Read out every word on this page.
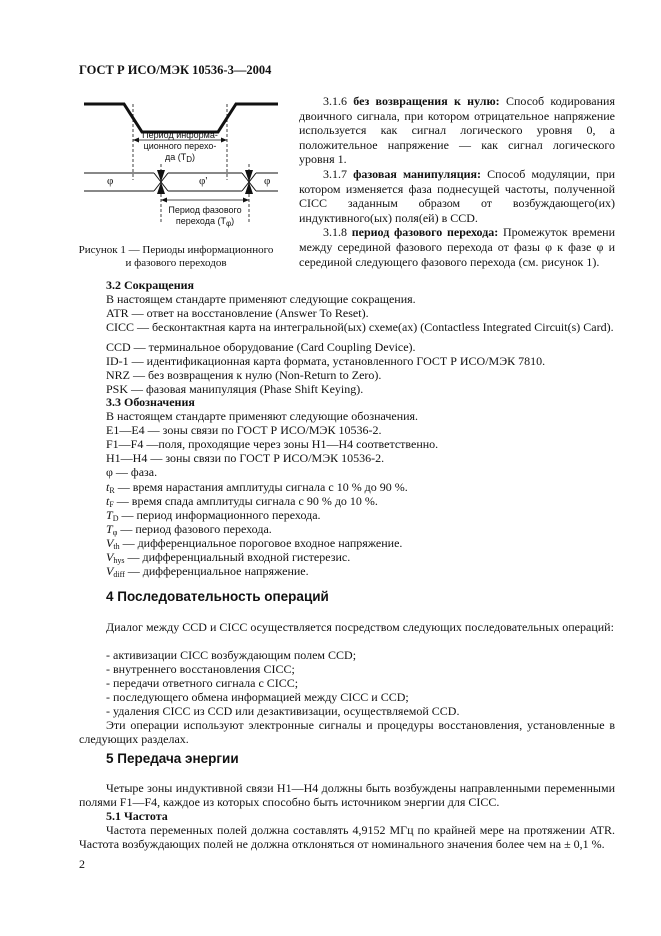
ГОСТ Р ИСО/МЭК 10536-3—2004
Период информа-
ционного перехо-
да $(T_D)$
φ	φ'	φ
Период фазового
перехода $(T_\varphi)$
Рисунок 1 — Периоды информационного
и фазового переходов
3.1.6 без возвращения к нулю: Способ кодирования двоичного сигнала, при котором отрицательное напряжение используется как сигнал логического уровня 0, а положительное напряжение — как сигнал логического уровня 1.
3.1.7 фазовая манипуляция: Способ модуляции, при котором изменяется фаза поднесущей частоты, полученной CICC заданным образом от возбуждающего(их) индуктивного(ых) поля(ей) в CCD.
3.1.8 период фазового перехода: Промежуток времени между серединой фазового перехода от фазы φ к фазе φ и серединой следующего фазового перехода (см. рисунок 1).
3.2 Сокращения
В настоящем стандарте применяют следующие сокращения.
ATR — ответ на восстановление (Answer To Reset).
CICC — бесконтактная карта на интегральной(ых) схеме(ах) (Contactless Integrated Circuit(s) Card).
CCD — терминальное оборудование (Card Coupling Device).
ID-1 — идентификационная карта формата, установленного ГОСТ Р ИСО/МЭК 7810.
NRZ — без возвращения к нулю (Non-Return to Zero).
PSK — фазовая манипуляция (Phase Shift Keying).
3.3 Обозначения
В настоящем стандарте применяют следующие обозначения.
E1—E4 — зоны связи по ГОСТ Р ИСО/МЭК 10536-2.
F1—F4 —поля, проходящие через зоны H1—H4 соответственно.
H1—H4 — зоны связи по ГОСТ Р ИСО/МЭК 10536-2.
φ — фаза.
$t_R$ — время нарастания амплитуды сигнала с 10 % до 90 %.
$t_F$ — время спада амплитуды сигнала с 90 % до 10 %.
$T_D$ — период информационного перехода.
$T_\varphi$ — период фазового перехода.
$V_{th}$ — дифференциальное пороговое входное напряжение.
$V_{hys}$ — дифференциальный входной гистерезис.
$V_{diff}$ — дифференциальное напряжение.
4 Последовательность операций
Диалог между CCD и CICC осуществляется посредством следующих последовательных операций:
- активизации CICC возбуждающим полем CCD;
- внутреннего восстановления CICC;
- передачи ответного сигнала с CICC;
- последующего обмена информацией между CICC и CCD;
- удаления CICC из CCD или дезактивизации, осуществляемой CCD.
Эти операции используют электронные сигналы и процедуры восстановления, установленные в следующих разделах.
5 Передача энергии
Четыре зоны индуктивной связи H1—H4 должны быть возбуждены направленными переменными полями F1—F4, каждое из которых способно быть источником энергии для CICC.
5.1 Частота
Частота переменных полей должна составлять 4,9152 МГц по крайней мере на протяжении ATR. Частота возбуждающих полей не должна отклоняться от номинального значения более чем на ± 0,1 %.
2
